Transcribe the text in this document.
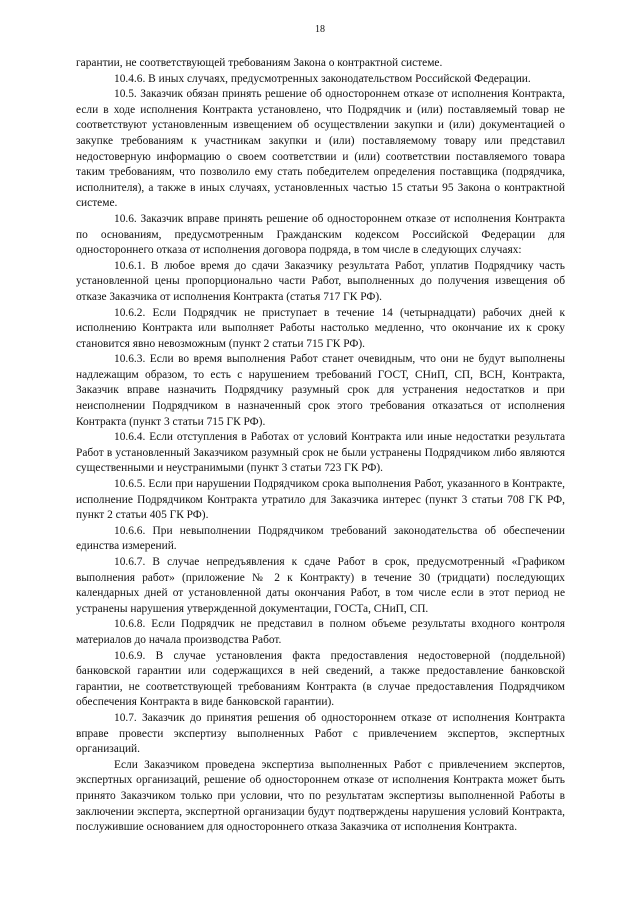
18

гарантии, не соответствующей требованиям Закона о контрактной системе.

10.4.6. В иных случаях, предусмотренных законодательством Российской Федерации.

10.5. Заказчик обязан принять решение об одностороннем отказе от исполнения Контракта, если в ходе исполнения Контракта установлено, что Подрядчик и (или) поставляемый товар не соответствуют установленным извещением об осуществлении закупки и (или) документацией о закупке требованиям к участникам закупки и (или) поставляемому товару или представил недостоверную информацию о своем соответствии и (или) соответствии поставляемого товара таким требованиям, что позволило ему стать победителем определения поставщика (подрядчика, исполнителя), а также в иных случаях, установленных частью 15 статьи 95 Закона о контрактной системе.

10.6. Заказчик вправе принять решение об одностороннем отказе от исполнения Контракта по основаниям, предусмотренным Гражданским кодексом Российской Федерации для одностороннего отказа от исполнения договора подряда, в том числе в следующих случаях:

10.6.1. В любое время до сдачи Заказчику результата Работ, уплатив Подрядчику часть установленной цены пропорционально части Работ, выполненных до получения извещения об отказе Заказчика от исполнения Контракта (статья 717 ГК РФ).

10.6.2. Если Подрядчик не приступает в течение 14 (четырнадцати) рабочих дней к исполнению Контракта или выполняет Работы настолько медленно, что окончание их к сроку становится явно невозможным (пункт 2 статьи 715 ГК РФ).

10.6.3. Если во время выполнения Работ станет очевидным, что они не будут выполнены надлежащим образом, то есть с нарушением требований ГОСТ, СНиП, СП, ВСН, Контракта, Заказчик вправе назначить Подрядчику разумный срок для устранения недостатков и при неисполнении Подрядчиком в назначенный срок этого требования отказаться от исполнения Контракта (пункт 3 статьи 715 ГК РФ).

10.6.4. Если отступления в Работах от условий Контракта или иные недостатки результата Работ в установленный Заказчиком разумный срок не были устранены Подрядчиком либо являются существенными и неустранимыми (пункт 3 статьи 723 ГК РФ).

10.6.5. Если при нарушении Подрядчиком срока выполнения Работ, указанного в Контракте, исполнение Подрядчиком Контракта утратило для Заказчика интерес (пункт 3 статьи 708 ГК РФ, пункт 2 статьи 405 ГК РФ).

10.6.6. При невыполнении Подрядчиком требований законодательства об обеспечении единства измерений.

10.6.7. В случае непредъявления к сдаче Работ в срок, предусмотренный «Графиком выполнения работ» (приложение № 2 к Контракту) в течение 30 (тридцати) последующих календарных дней от установленной даты окончания Работ, в том числе если в этот период не устранены нарушения утвержденной документации, ГОСТа, СНиП, СП.

10.6.8. Если Подрядчик не представил в полном объеме результаты входного контроля материалов до начала производства Работ.

10.6.9. В случае установления факта предоставления недостоверной (поддельной) банковской гарантии или содержащихся в ней сведений, а также предоставление банковской гарантии, не соответствующей требованиям Контракта (в случае предоставления Подрядчиком обеспечения Контракта в виде банковской гарантии).

10.7. Заказчик до принятия решения об одностороннем отказе от исполнения Контракта вправе провести экспертизу выполненных Работ с привлечением экспертов, экспертных организаций.

Если Заказчиком проведена экспертиза выполненных Работ с привлечением экспертов, экспертных организаций, решение об одностороннем отказе от исполнения Контракта может быть принято Заказчиком только при условии, что по результатам экспертизы выполненной Работы в заключении эксперта, экспертной организации будут подтверждены нарушения условий Контракта, послужившие основанием для одностороннего отказа Заказчика от исполнения Контракта.
